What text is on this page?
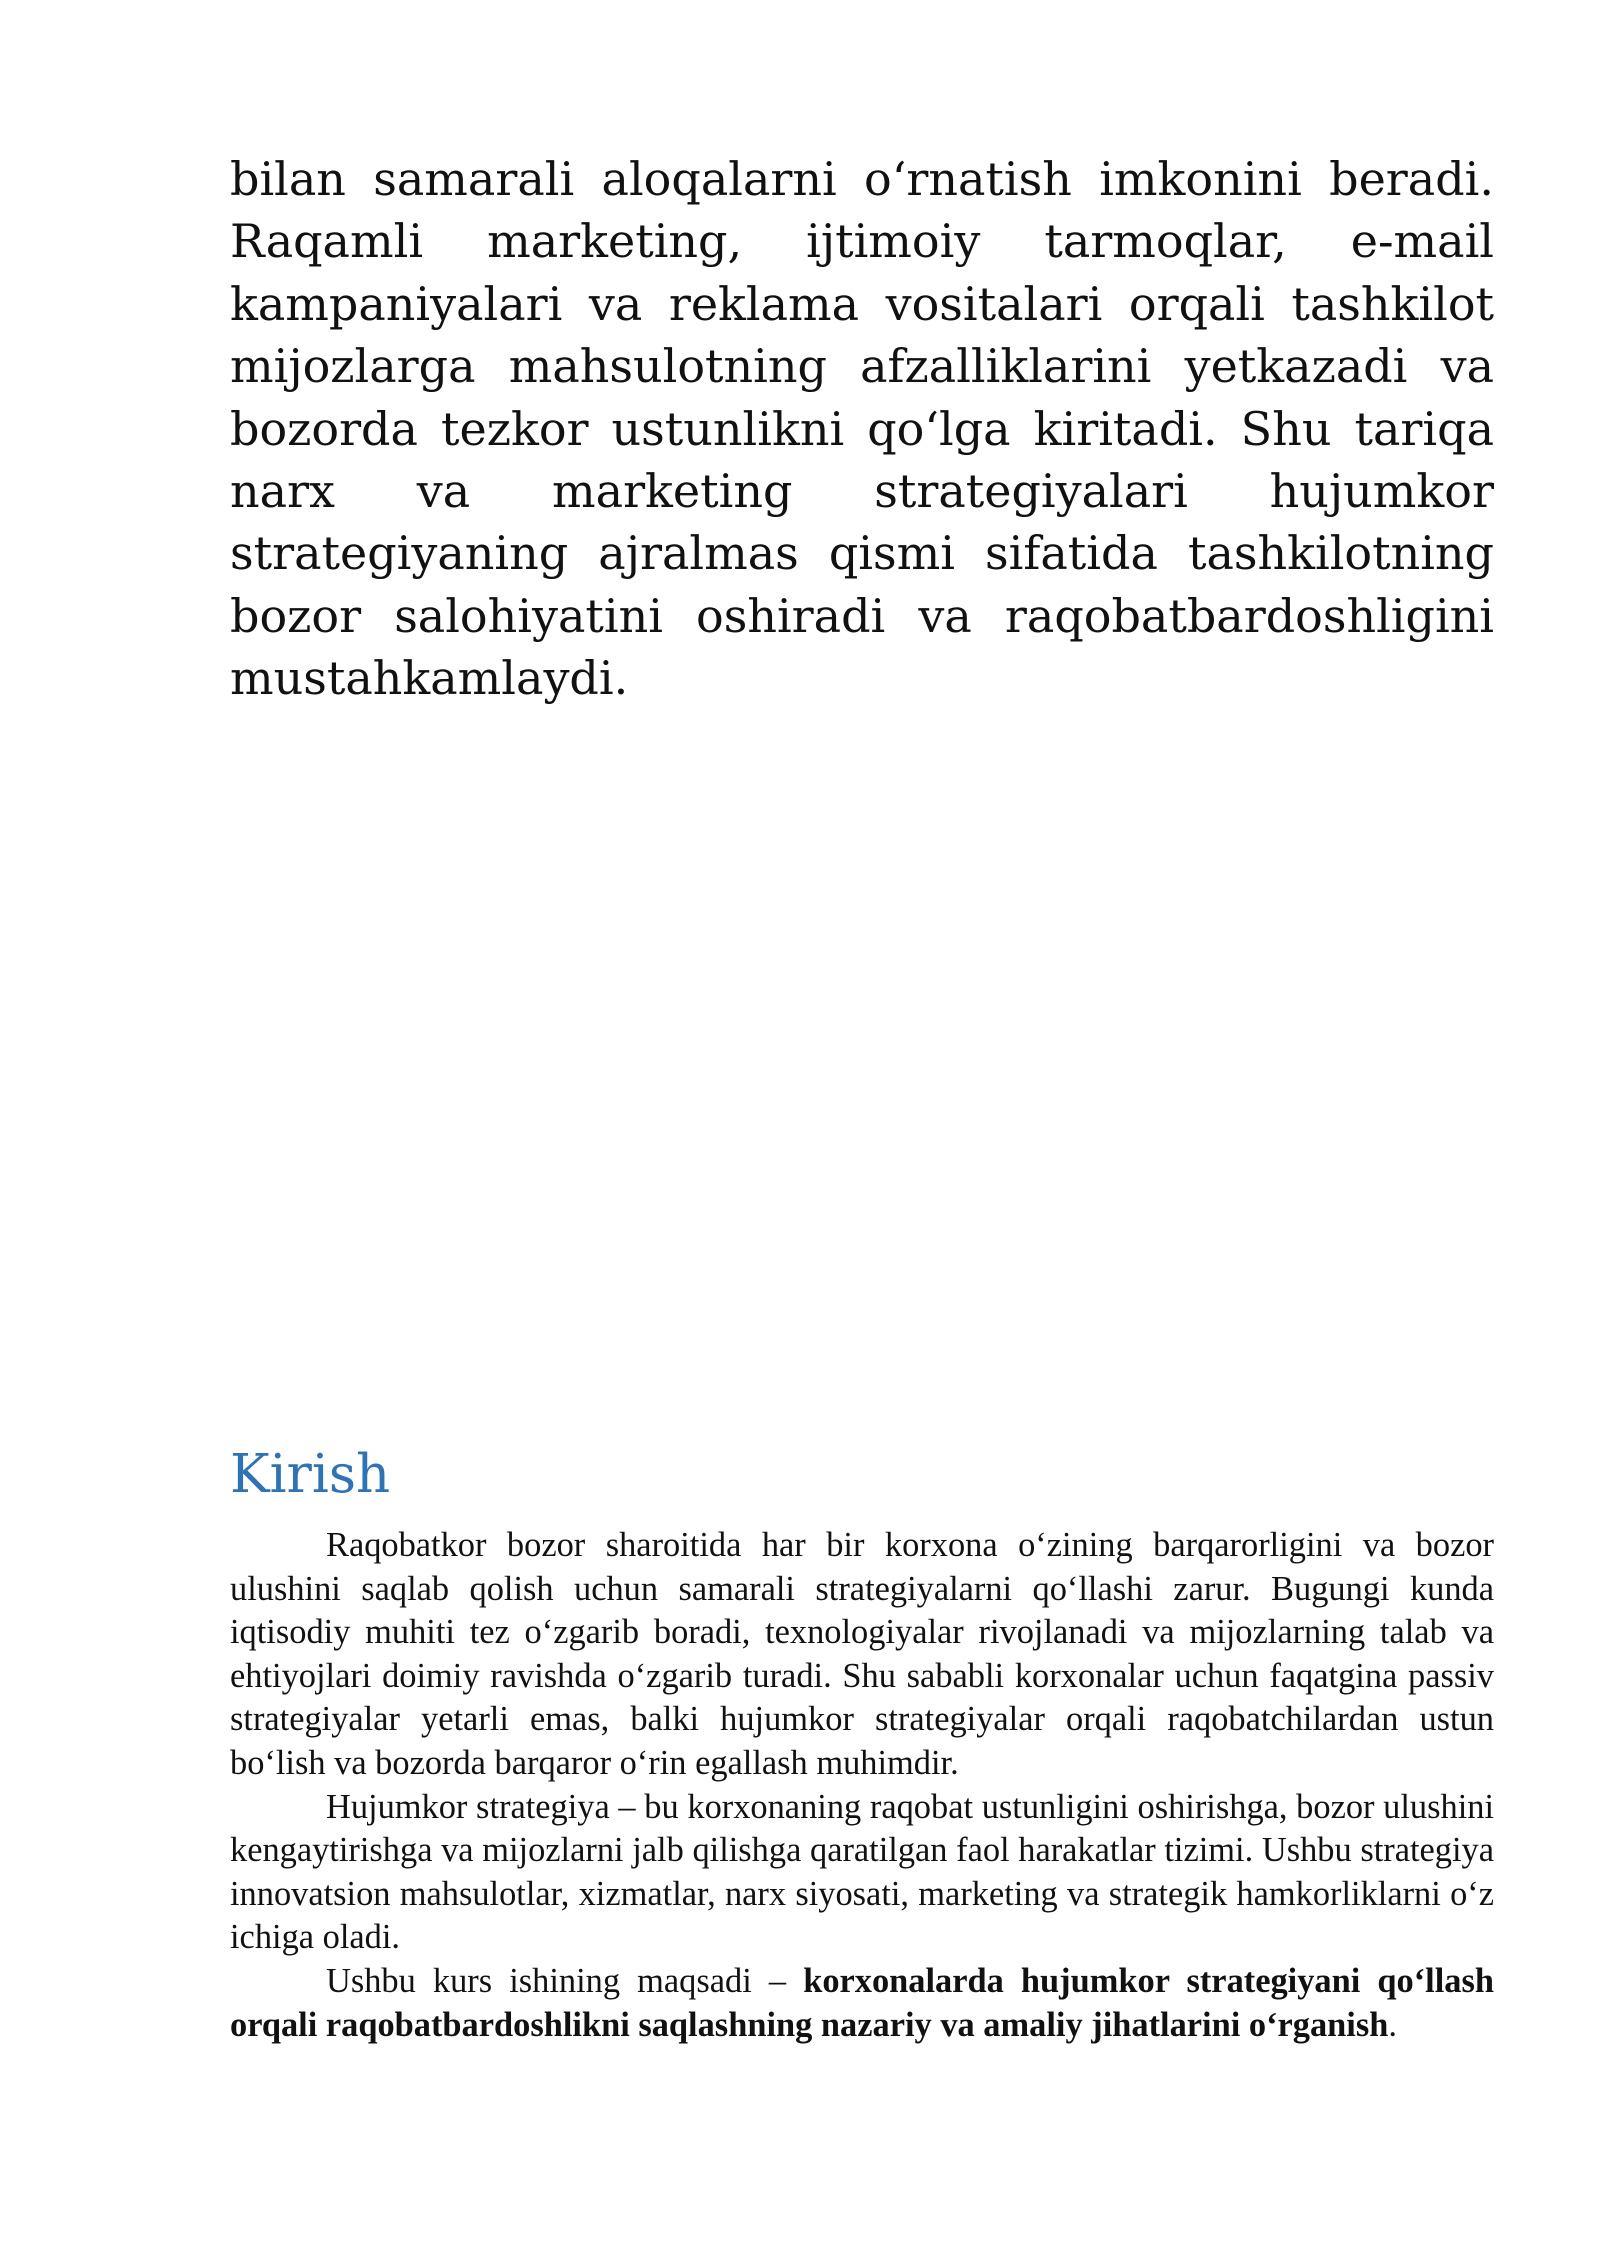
bilan samarali aloqalarni o‘rnatish imkonini beradi. Raqamli marketing, ijtimoiy tarmoqlar, e-mail kampaniyalari va reklama vositalari orqali tashkilot mijozlarga mahsulotning afzalliklarini yetkazadi va bozorda tezkor ustunlikni qo‘lga kiritadi. Shu tariqa narx va marketing strategiyalari hujumkor strategiyaning ajralmas qismi sifatida tashkilotning bozor salohiyatini oshiradi va raqobatbardoshligini mustahkamlaydi.

Kirish

Raqobatkor bozor sharoitida har bir korxona o‘zining barqarorligini va bozor ulushini saqlab qolish uchun samarali strategiyalarni qo‘llashi zarur. Bugungi kunda iqtisodiy muhiti tez o‘zgarib boradi, texnologiyalar rivojlanadi va mijozlarning talab va ehtiyojlari doimiy ravishda o‘zgarib turadi. Shu sababli korxonalar uchun faqatgina passiv strategiyalar yetarli emas, balki hujumkor strategiyalar orqali raqobatchilardan ustun bo‘lish va bozorda barqaror o‘rin egallash muhimdir.

Hujumkor strategiya – bu korxonaning raqobat ustunligini oshirishga, bozor ulushini kengaytirishga va mijozlarni jalb qilishga qaratilgan faol harakatlar tizimi. Ushbu strategiya innovatsion mahsulotlar, xizmatlar, narx siyosati, marketing va strategik hamkorliklarni o‘z ichiga oladi.

Ushbu kurs ishining maqsadi – korxonalarda hujumkor strategiyani qo‘llash orqali raqobatbardoshlikni saqlashning nazariy va amaliy jihatlarini o‘rganish.
